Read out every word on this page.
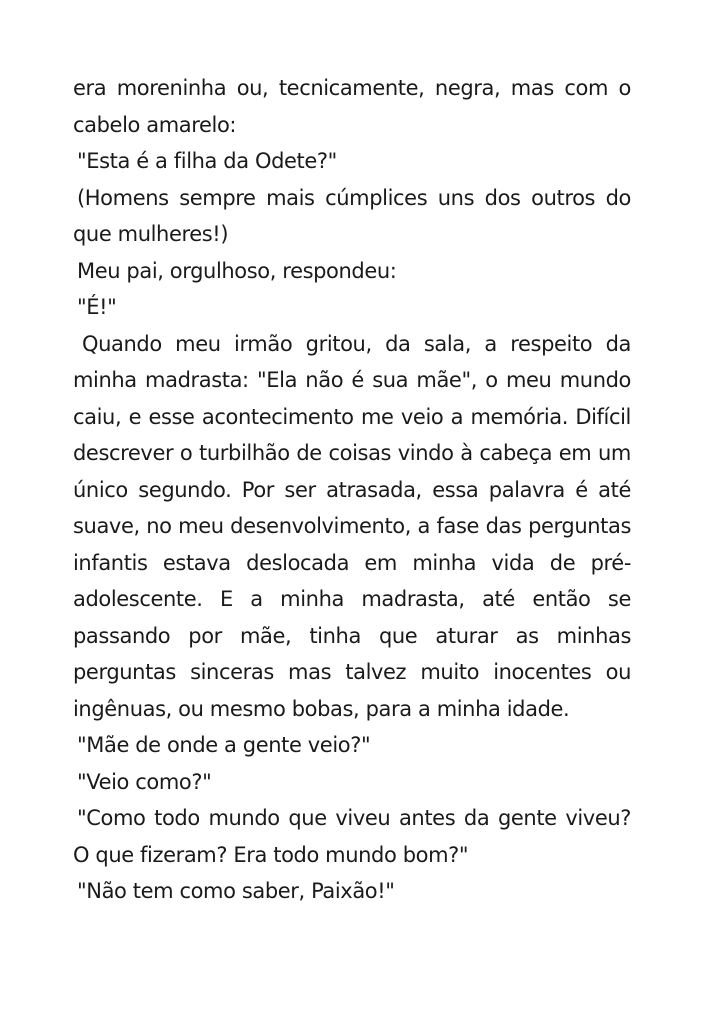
era moreninha ou, tecnicamente, negra, mas com o
cabelo amarelo:
"Esta é a filha da Odete?"
(Homens sempre mais cúmplices uns dos outros do
que mulheres!)
Meu pai, orgulhoso, respondeu:
"É!"
Quando meu irmão gritou, da sala, a respeito da
minha madrasta: "Ela não é sua mãe", o meu mundo
caiu, e esse acontecimento me veio a memória. Difícil
descrever o turbilhão de coisas vindo à cabeça em um
único segundo. Por ser atrasada, essa palavra é até
suave, no meu desenvolvimento, a fase das perguntas
infantis estava deslocada em minha vida de pré-
adolescente. E a minha madrasta, até então se
passando por mãe, tinha que aturar as minhas
perguntas sinceras mas talvez muito inocentes ou
ingênuas, ou mesmo bobas, para a minha idade.
"Mãe de onde a gente veio?"
"Veio como?"
"Como todo mundo que viveu antes da gente viveu?
O que fizeram? Era todo mundo bom?"
"Não tem como saber, Paixão!"
